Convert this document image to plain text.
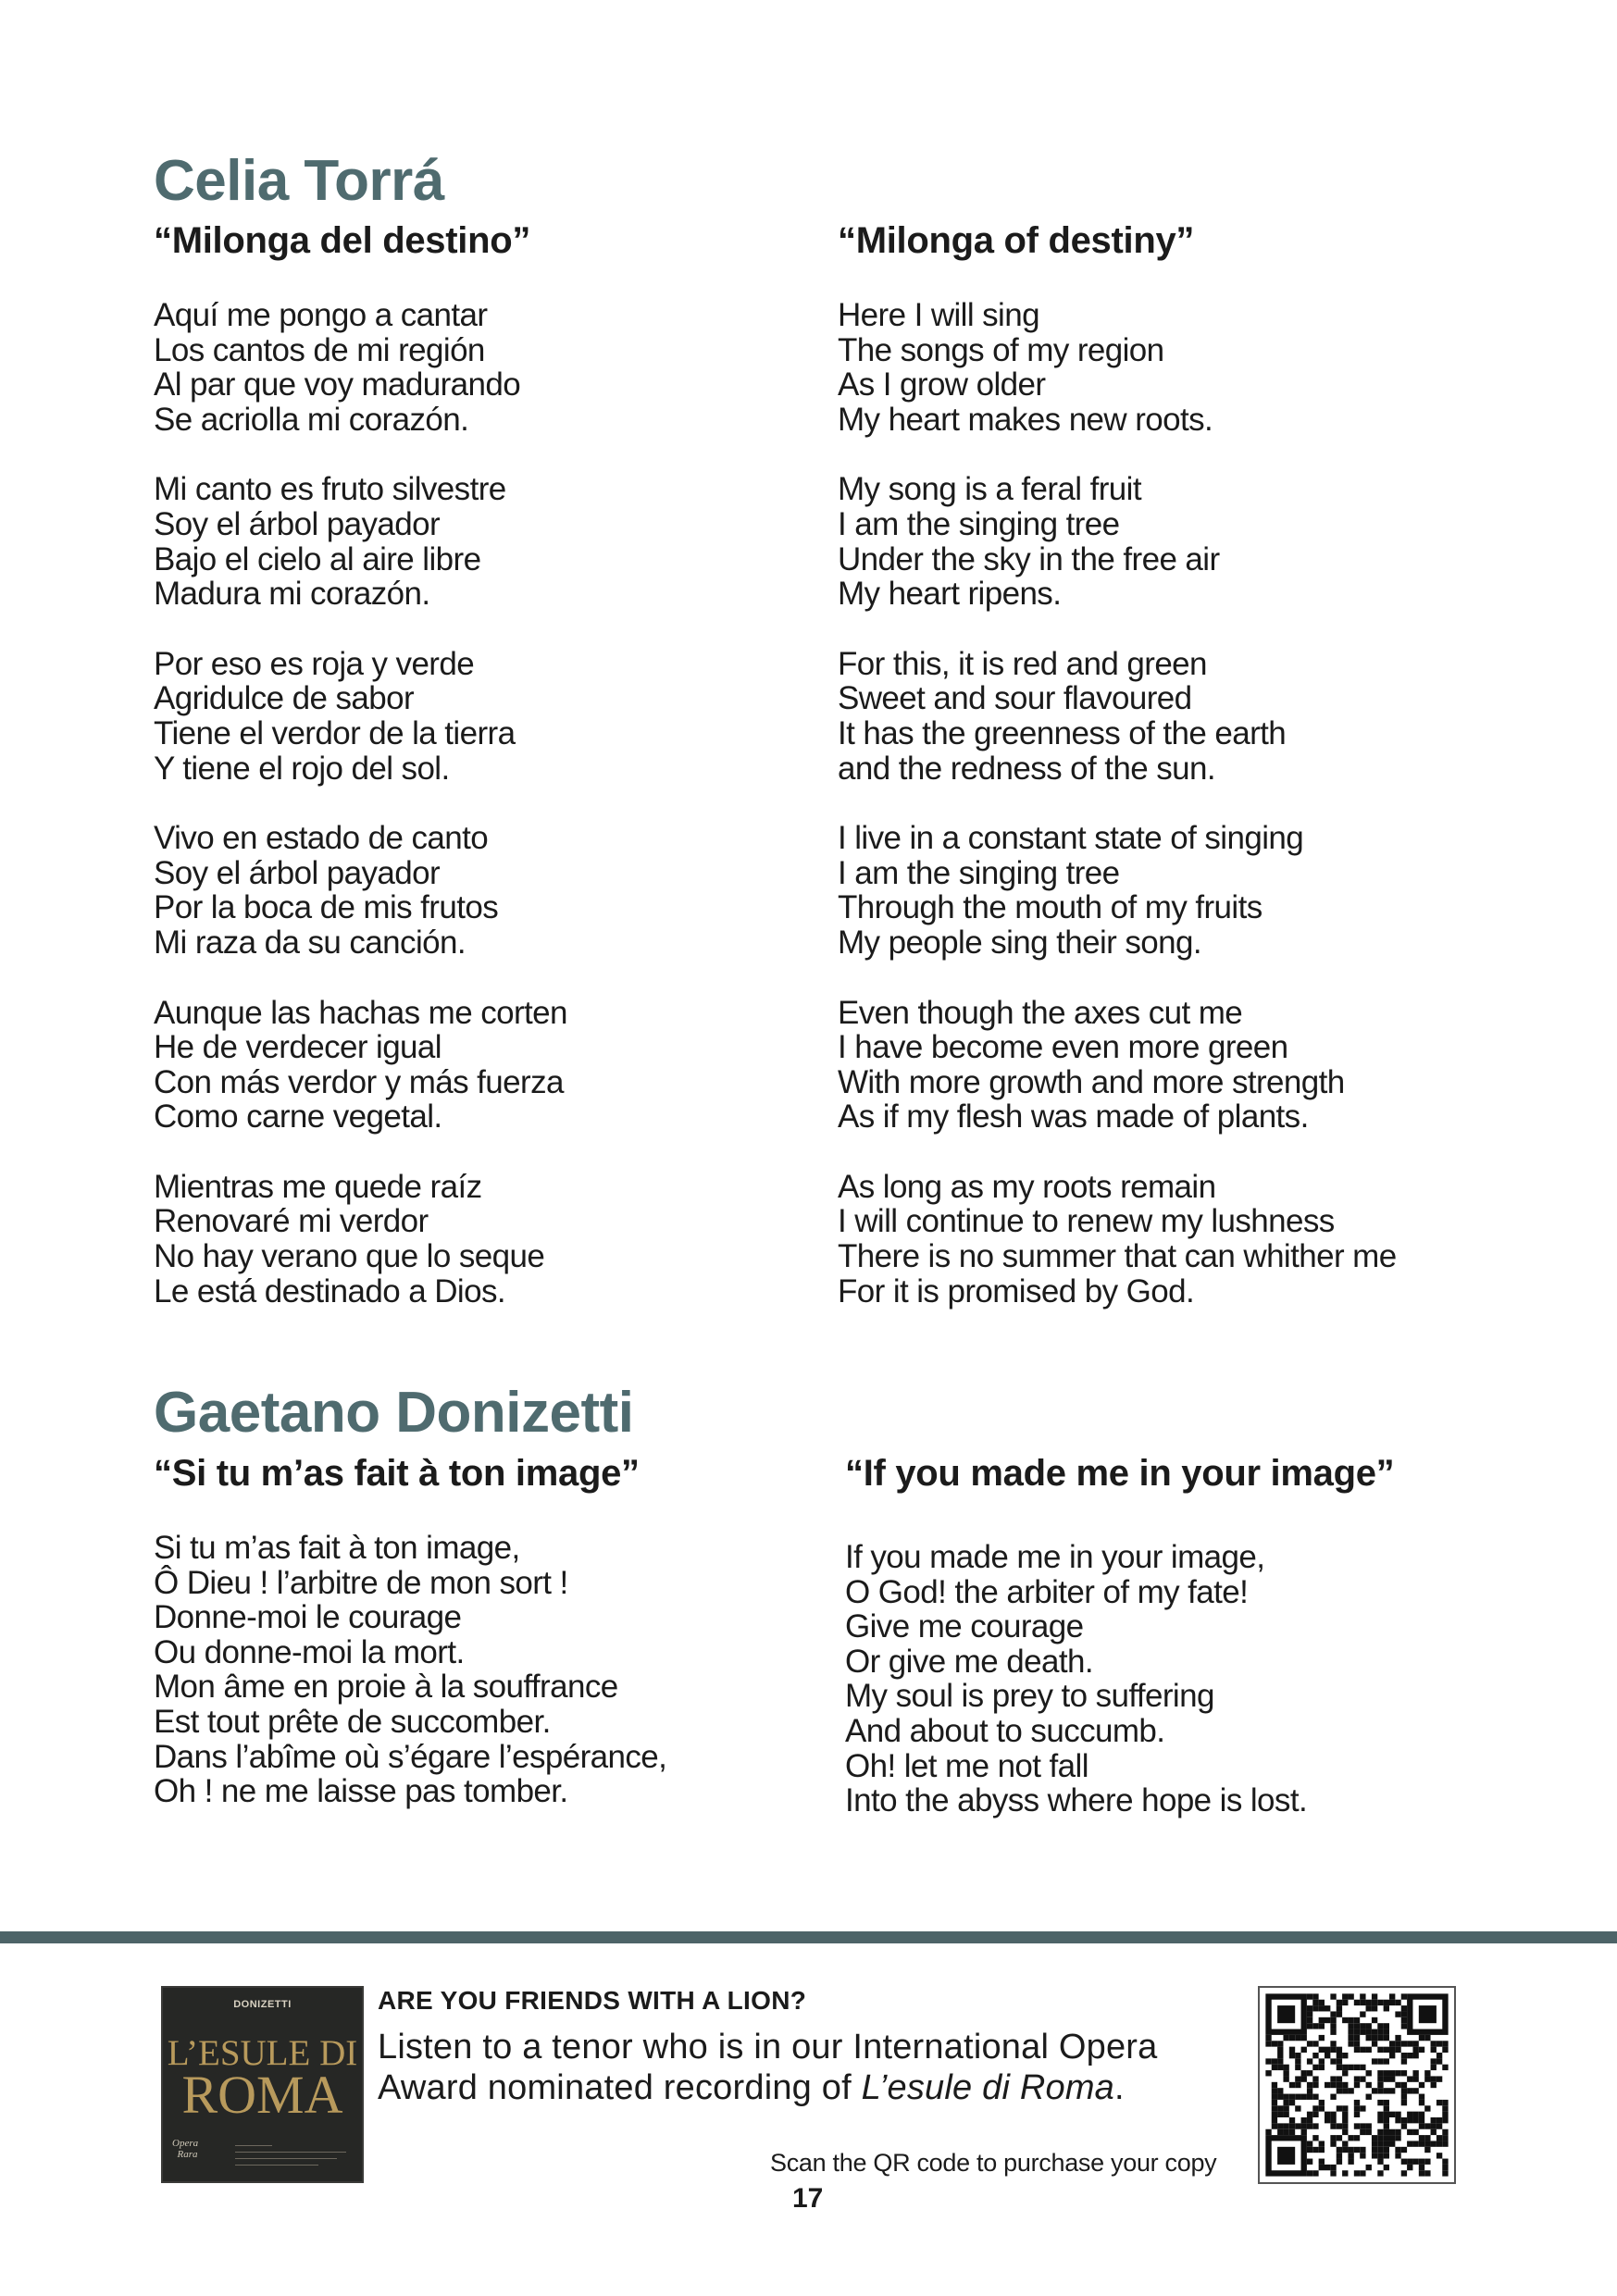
Celia Torrá
“Milonga del destino”	“Milonga of destiny”
Aquí me pongo a cantar
Los cantos de mi región
Al par que voy madurando
Se acriolla mi corazón.
Mi canto es fruto silvestre
Soy el árbol payador
Bajo el cielo al aire libre
Madura mi corazón.
Por eso es roja y verde
Agridulce de sabor
Tiene el verdor de la tierra
Y tiene el rojo del sol.
Vivo en estado de canto
Soy el árbol payador
Por la boca de mis frutos
Mi raza da su canción.
Aunque las hachas me corten
He de verdecer igual
Con más verdor y más fuerza
Como carne vegetal.
Mientras me quede raíz
Renovaré mi verdor
No hay verano que lo seque
Le está destinado a Dios.
Here I will sing
The songs of my region
As I grow older
My heart makes new roots.
My song is a feral fruit
I am the singing tree
Under the sky in the free air
My heart ripens.
For this, it is red and green
Sweet and sour flavoured
It has the greenness of the earth
and the redness of the sun.
I live in a constant state of singing
I am the singing tree
Through the mouth of my fruits
My people sing their song.
Even though the axes cut me
I have become even more green
With more growth and more strength
As if my flesh was made of plants.
As long as my roots remain
I will continue to renew my lushness
There is no summer that can whither me
For it is promised by God.
Gaetano Donizetti
“Si tu m’as fait à ton image”	“If you made me in your image”
Si tu m’as fait à ton image,
Ô Dieu ! l’arbitre de mon sort !
Donne-moi le courage
Ou donne-moi la mort.
Mon âme en proie à la souffrance
Est tout prête de succomber.
Dans l’abîme où s’égare l’espérance,
Oh ! ne me laisse pas tomber.
If you made me in your image,
O God! the arbiter of my fate!
Give me courage
Or give me death.
My soul is prey to suffering
And about to succumb.
Oh! let me not fall
Into the abyss where hope is lost.
DONIZETTI
L’ESULE DI
ROMA
Opera
Rara

ARE YOU FRIENDS WITH A LION?

Listen to a tenor who is in our International Opera Award nominated recording of L’esule di Roma.

Scan the QR code to purchase your copy

17
